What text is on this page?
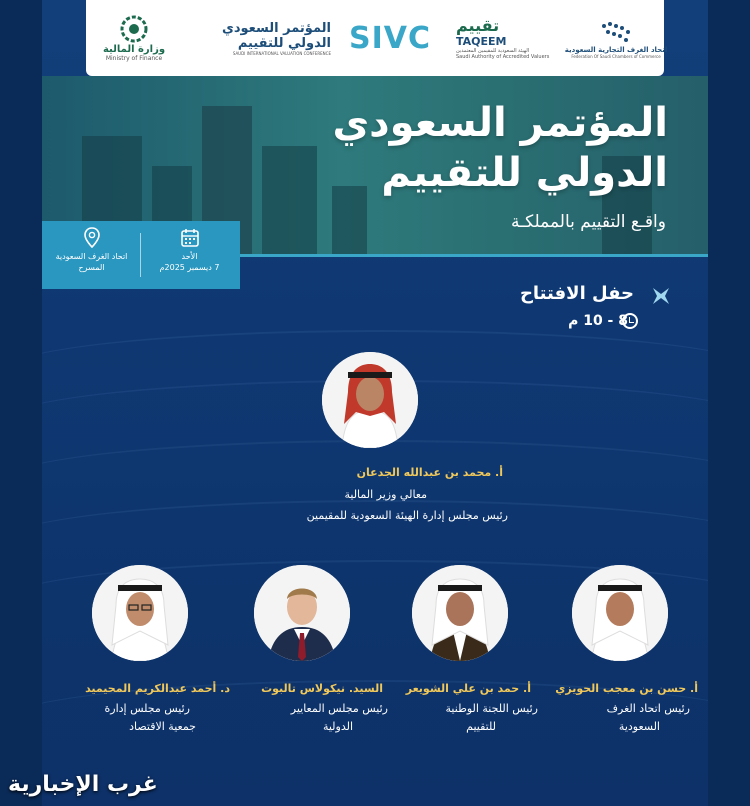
المؤتمر السعودي
الدولي للتقييم
واقـع التقييم بالمملكـة
اتحاد الغرف السعودية
المسرح
الأحد
7 ديسمبر 2025م
حفل الافتتاح
8 - 10 م
أ. محمد بن عبدالله الجدعان
معالي وزير المالية
رئيس مجلس إدارة الهيئة السعودية للمقيمين
أ. حسن بن معجب الحويزي
رئيس اتحاد الغرف
السعودية
أ. حمد بن علي الشويعر
رئيس اللجنة الوطنية
للتقييم
السيد. نيكولاس تالبوت
رئيس مجلس المعايير
الدولية
د. أحمد عبدالكريم المحيميد
رئيس مجلس إدارة
جمعية الاقتصاد
وزارة المالية
Ministry of Finance
المؤتمر السعودي
الدولي للتقييم
SAUDI INTERNATIONAL VALUATION CONFERENCE SIVC تقييم
TAQEEM
الهيئة السعودية للمقيمين المعتمدين
Saudi Authority of Accredited Valuers
اتحاد الغرف التجارية السعودية
Federation Of Saudi Chambers of Commerce
غرب الإخبارية
